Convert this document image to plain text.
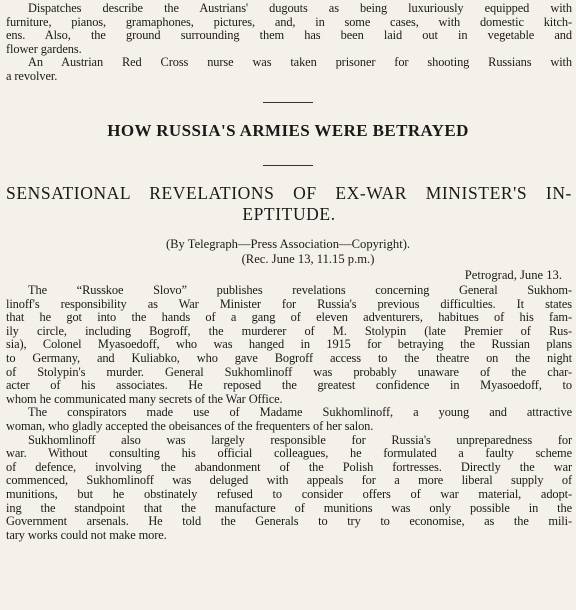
Dispatches describe the Austrians' dugouts as being luxuriously equipped with

furniture, pianos, gramaphones, pictures, and, in some cases, with domestic kitch-

ens. Also, the ground surrounding them has been laid out in vegetable and

flower gardens.

An Austrian Red Cross nurse was taken prisoner for shooting Russians with

a revolver.

HOW RUSSIA'S ARMIES WERE BETRAYED

SENSATIONAL REVELATIONS OF EX-WAR MINISTER'S IN-

EPTITUDE.

(By Telegraph—Press Association—Copyright).
(Rec. June 13, 11.15 p.m.)
Petrograd, June 13.

The “Russkoe Slovo” publishes revelations concerning General Sukhom-

linoff's responsibility as War Minister for Russia's previous difficulties. It states

that he got into the hands of a gang of eleven adventurers, habitues of his fam-

ily circle, including Bogroff, the murderer of M. Stolypin (late Premier of Rus-

sia), Colonel Myasoedoff, who was hanged in 1915 for betraying the Russian plans

to Germany, and Kuliabko, who gave Bogroff access to the theatre on the night

of Stolypin's murder. General Sukhomlinoff was probably unaware of the char-

acter of his associates. He reposed the greatest confidence in Myasoedoff, to

whom he communicated many secrets of the War Office.

The conspirators made use of Madame Sukhomlinoff, a young and attractive

woman, who gladly accepted the obeisances of the frequenters of her salon.

Sukhomlinoff also was largely responsible for Russia's unpreparedness for

war. Without consulting his official colleagues, he formulated a faulty scheme

of defence, involving the abandonment of the Polish fortresses. Directly the war

commenced, Sukhomlinoff was deluged with appeals for a more liberal supply of

munitions, but he obstinately refused to consider offers of war material, adopt-

ing the standpoint that the manufacture of munitions was only possible in the

Government arsenals. He told the Generals to try to economise, as the mili-

tary works could not make more.
